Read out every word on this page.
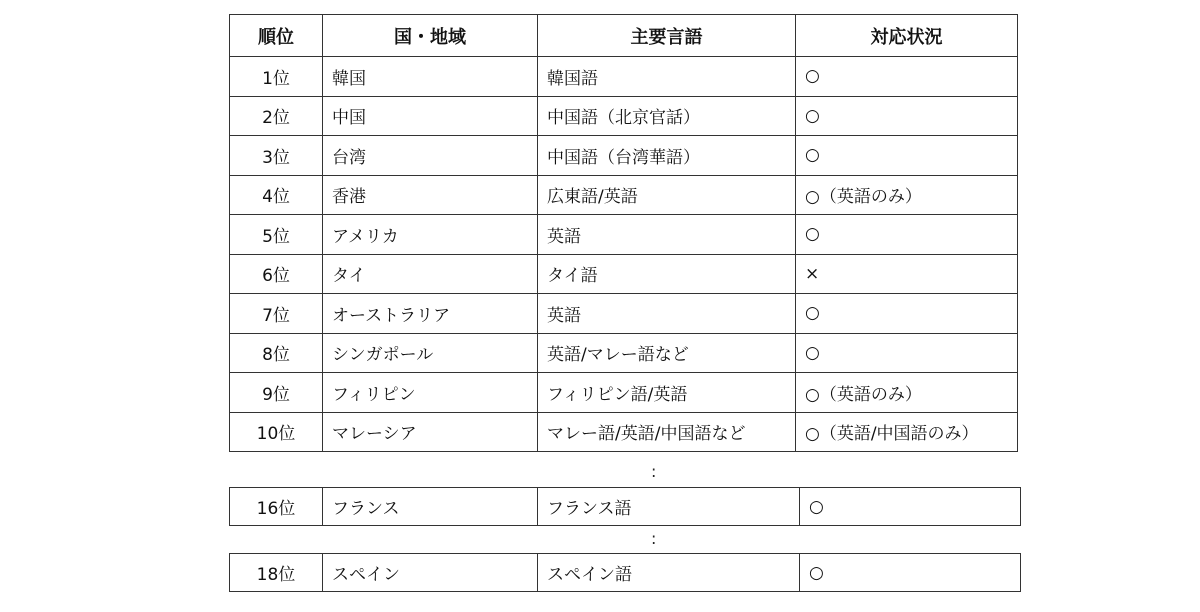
順位	国・地域	主要言語	対応状況
1位	韓国	韓国語	○
2位	中国	中国語（北京官話）	○
3位	台湾	中国語（台湾華語）	○
4位	香港	広東語/英語	○（英語のみ）
5位	アメリカ	英語	○
6位	タイ	タイ語	×
7位	オーストラリア	英語	○
8位	シンガポール	英語/マレー語など	○
9位	フィリピン	フィリピン語/英語	○（英語のみ）
10位	マレーシア	マレー語/英語/中国語など	○（英語/中国語のみ）
:
16位	フランス	フランス語	○
:
18位	スペイン	スペイン語	○
